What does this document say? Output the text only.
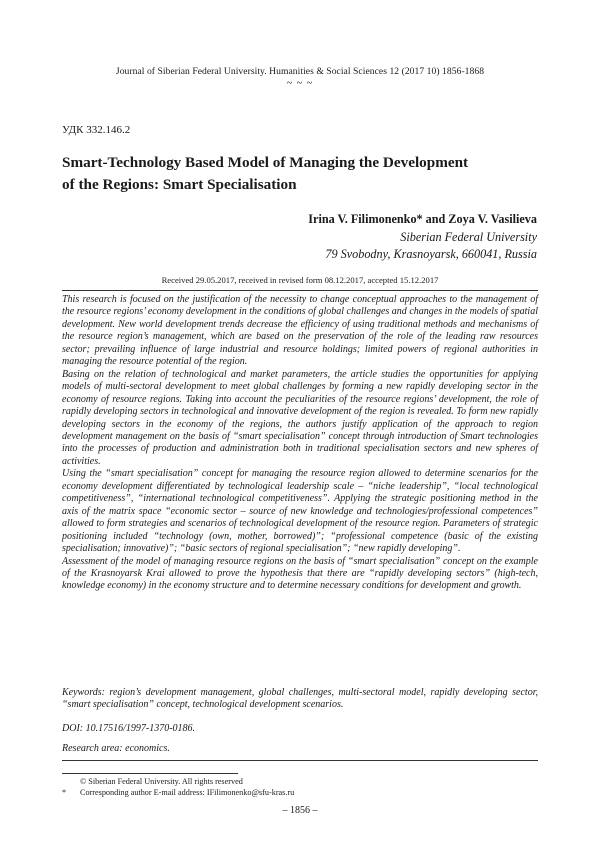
Journal of Siberian Federal University. Humanities & Social Sciences 12 (2017 10) 1856-1868
~ ~ ~
УДК 332.146.2
Smart-Technology Based Model of Managing the Development
of the Regions: Smart Specialisation
Irina V. Filimonenko* and Zoya V. Vasilieva
Siberian Federal University
79 Svobodny, Krasnoyarsk, 660041, Russia
Received 29.05.2017, received in revised form 08.12.2017, accepted 15.12.2017

This research is focused on the justification of the necessity to change conceptual approaches to the management of the resource regions’ economy development in the conditions of global challenges and changes in the models of spatial development. New world development trends decrease the efficiency of using traditional methods and mechanisms of the resource region’s management, which are based on the preservation of the role of the leading raw resources sector; prevailing influence of large industrial and resource holdings; limited powers of regional authorities in managing the resource potential of the region.

Basing on the relation of technological and market parameters, the article studies the opportunities for applying models of multi-sectoral development to meet global challenges by forming a new rapidly developing sector in the economy of resource regions. Taking into account the peculiarities of the resource regions’ development, the role of rapidly developing sectors in technological and innovative development of the region is revealed. To form new rapidly developing sectors in the economy of the regions, the authors justify application of the approach to region development management on the basis of “smart specialisation” concept through introduction of Smart technologies into the processes of production and administration both in traditional specialisation sectors and new spheres of activities.

Using the “smart specialisation” concept for managing the resource region allowed to determine scenarios for the economy development differentiated by technological leadership scale – “niche leadership”, “local technological competitiveness”, “international technological competitiveness”. Applying the strategic positioning method in the axis of the matrix space “economic sector – source of new knowledge and technologies/professional competences” allowed to form strategies and scenarios of technological development of the resource region. Parameters of strategic positioning included “technology (own, mother, borrowed)”; “professional competence (basic of the existing specialisation; innovative)”; “basic sectors of regional specialisation”; “new rapidly developing”.

Assessment of the model of managing resource regions on the basis of “smart specialisation” concept on the example of the Krasnoyarsk Krai allowed to prove the hypothesis that there are “rapidly developing sectors” (high-tech, knowledge economy) in the economy structure and to determine necessary conditions for development and growth.

Keywords: region’s development management, global challenges, multi-sectoral model, rapidly developing sector, “smart specialisation” concept, technological development scenarios.
DOI: 10.17516/1997-1370-0186.
Research area: economics.
© Siberian Federal University. All rights reserved
* Corresponding author E-mail address: IFilimonenko@sfu-kras.ru
– 1856 –
